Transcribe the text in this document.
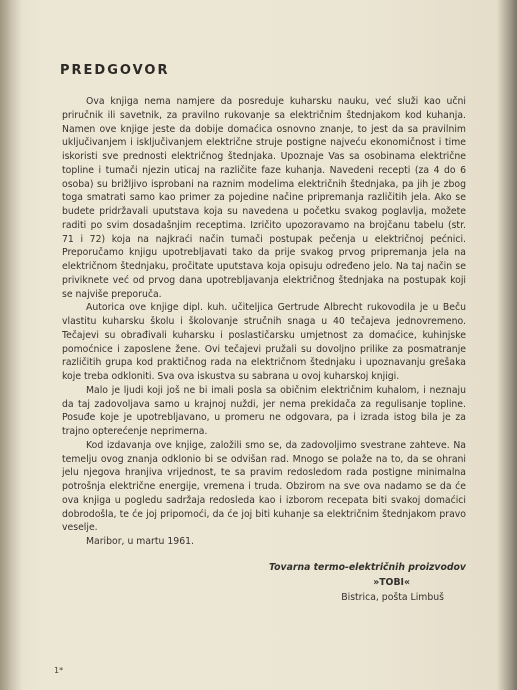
PREDGOVOR

Ova knjiga nema namjere da posreduje kuharsku nauku, već služi kao učni priručnik ili savetnik, za pravilno rukovanje sa električnim štednjakom kod kuhanja. Namen ove knjige jeste da dobije domaćica osnovno znanje, to jest da sa pravilnim uključivanjem i isključivanjem električne struje postigne najveću ekonomičnost i time iskoristi sve prednosti električnog štednjaka. Upoznaje Vas sa osobinama električne topline i tumači njezin uticaj na različite faze kuhanja. Navedeni recepti (za 4 do 6 osoba) su brižljivo isprobani na raznim modelima električnih štednjaka, pa jih je zbog toga smatrati samo kao primer za pojedine načine pripremanja različitih jela. Ako se budete pridržavali uputstava koja su navedena u početku svakog poglavlja, možete raditi po svim dosadašnjim receptima. Izričito upozoravamo na brojčanu tabelu (str. 71 i 72) koja na najkraći način tumači postupak pečenja u električnoj pećnici. Preporučamo knjigu upotrebljavati tako da prije svakog prvog pripremanja jela na električnom štednjaku, pročitate uputstava koja opisuju određeno jelo. Na taj način se priviknete već od prvog dana upotrebljavanja električnog štednjaka na postupak koji se najviše preporuča.

Autorica ove knjige dipl. kuh. učiteljica Gertrude Albrecht rukovodila je u Beču vlastitu kuharsku školu i školovanje stručnih snaga u 40 tečajeva jednovremeno. Tečajevi su obrađivali kuharsku i poslastičarsku umjetnost za domaćice, kuhinjske pomoćnice i zaposlene žene. Ovi tečajevi pružali su dovoljno prilike za posmatranje različitih grupa kod praktičnog rada na električnom štednjaku i upoznavanju grešaka koje treba odkloniti. Sva ova iskustva su sabrana u ovoj kuharskoj knjigi.

Malo je ljudi koji još ne bi imali posla sa običnim električnim kuhalom, i neznaju da taj zadovoljava samo u krajnoj nuždi, jer nema prekidača za regulisanje topline. Posuđe koje je upotrebljavano, u promeru ne odgovara, pa i izrada istog bila je za trajno opterećenje neprimerna.

Kod izdavanja ove knjige, založili smo se, da zadovoljimo svestrane zahteve. Na temelju ovog znanja odklonio bi se odvišan rad. Mnogo se polaže na to, da se ohrani jelu njegova hranjiva vrijednost, te sa pravim redosledom rada postigne minimalna potrošnja električne energije, vremena i truda. Obzirom na sve ova nadamo se da će ova knjiga u pogledu sadržaja redosleda kao i izborom recepata biti svakoj domaćici dobrodošla, te će joj pripomoći, da će joj biti kuhanje sa električnim štednjakom pravo veselje.

Maribor, u martu 1961.

Tovarna termo-električnih proizvodov
»TOBI«
Bistrica, pošta Limbuš
1*
